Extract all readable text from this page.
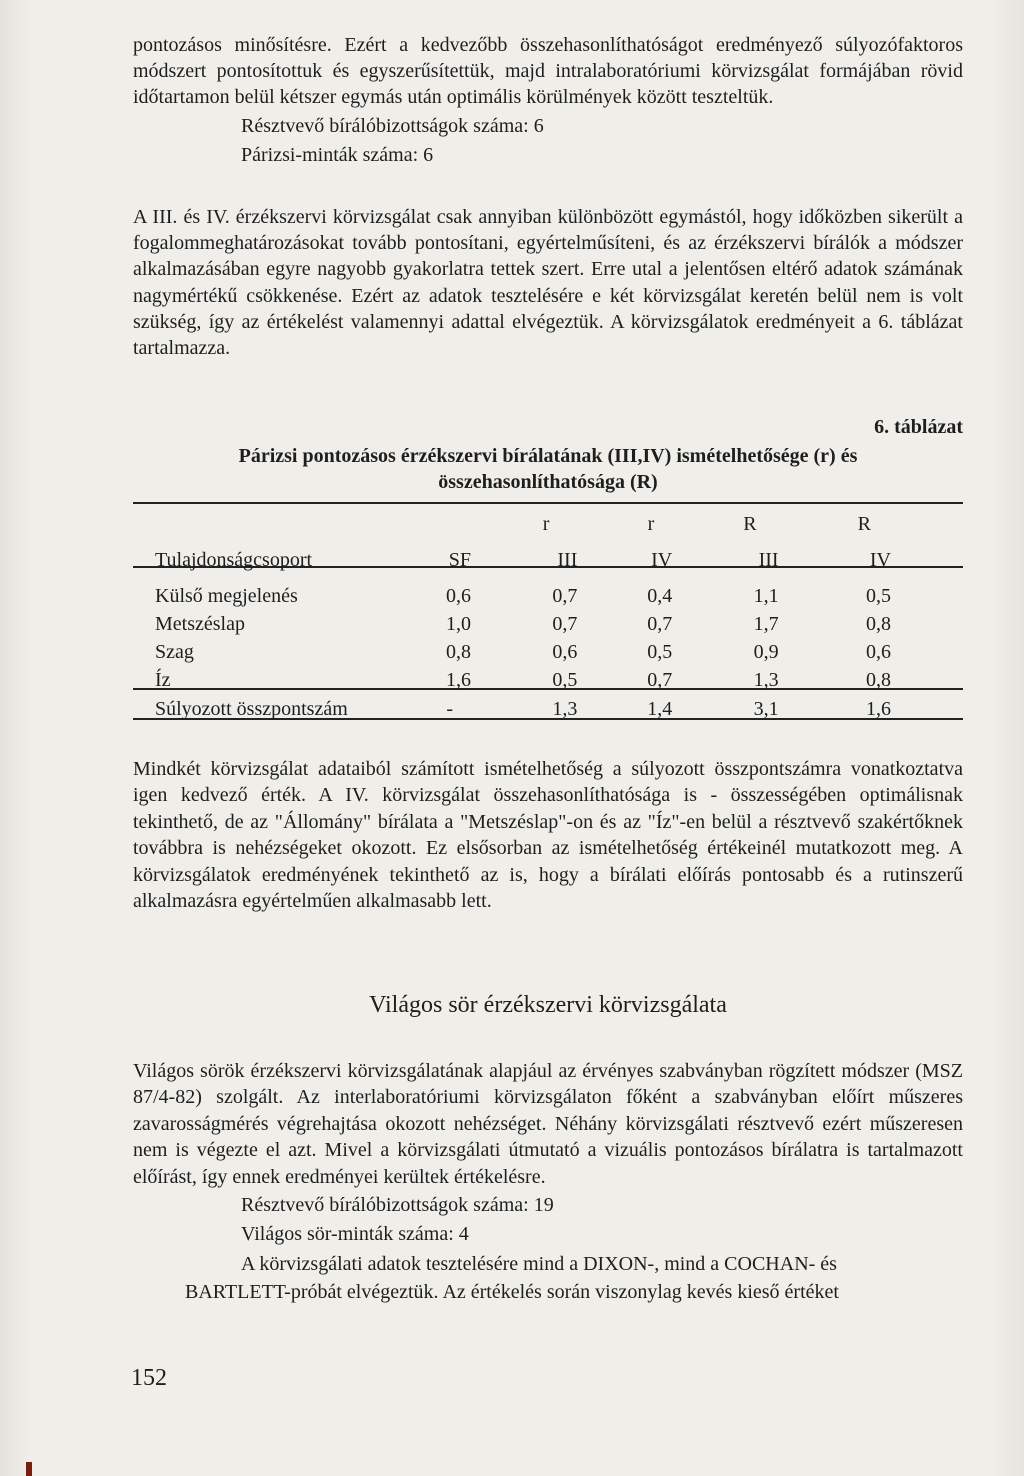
pontozásos minősítésre. Ezért a kedvezőbb összehasonlíthatóságot eredményező súlyozófaktoros módszert pontosítottuk és egyszerűsítettük, majd intralaboratóriumi körvizsgálat formájában rövid időtartamon belül kétszer egymás után optimális körülmények között teszteltük.

Résztvevő bírálóbizottságok száma: 6

Párizsi-minták száma: 6

A III. és IV. érzékszervi körvizsgálat csak annyiban különbözött egymástól, hogy időközben sikerült a fogalommeghatározásokat tovább pontosítani, egyértelműsíteni, és az érzékszervi bírálók a módszer alkalmazásában egyre nagyobb gyakorlatra tettek szert. Erre utal a jelentősen eltérő adatok számának nagymértékű csökkenése. Ezért az adatok tesztelésére e két körvizsgálat keretén belül nem is volt szükség, így az értékelést valamennyi adattal elvégeztük. A körvizsgálatok eredményeit a 6. táblázat tartalmazza.

6. táblázat
Párizsi pontozásos érzékszervi bírálatának (III,IV) ismételhetősége (r) és
összehasonlíthatósága (R)
		r	r	R	R
Tulajdonságcsoport	SF	III	IV	III	IV
Külső megjelenés	0,6	0,7	0,4	1,1	0,5
Metszéslap	1,0	0,7	0,7	1,7	0,8
Szag	0,8	0,6	0,5	0,9	0,6
Íz	1,6	0,5	0,7	1,3	0,8
Súlyozott összpontszám	-	1,3	1,4	3,1	1,6

Mindkét körvizsgálat adataiból számított ismételhetőség a súlyozott összpontszámra vonatkoztatva igen kedvező érték. A IV. körvizsgálat összehasonlíthatósága is - összességében optimálisnak tekinthető, de az "Állomány" bírálata a "Metszéslap"-on és az "Íz"-en belül a résztvevő szakértőknek továbbra is nehézségeket okozott. Ez elsősorban az ismételhetőség értékeinél mutatkozott meg. A körvizsgálatok eredményének tekinthető az is, hogy a bírálati előírás pontosabb és a rutinszerű alkalmazásra egyértelműen alkalmasabb lett.

Világos sör érzékszervi körvizsgálata

Világos sörök érzékszervi körvizsgálatának alapjául az érvényes szabványban rögzített módszer (MSZ 87/4-82) szolgált. Az interlaboratóriumi körvizsgálaton főként a szabványban előírt műszeres zavarosságmérés végrehajtása okozott nehézséget. Néhány körvizsgálati résztvevő ezért műszeresen nem is végezte el azt. Mivel a körvizsgálati útmutató a vizuális pontozásos bírálatra is tartalmazott előírást, így ennek eredményei kerültek értékelésre.

Résztvevő bírálóbizottságok száma: 19

Világos sör-minták száma: 4

A körvizsgálati adatok tesztelésére mind a DIXON-, mind a COCHAN- és

BARTLETT-próbát elvégeztük. Az értékelés során viszonylag kevés kieső értéket

152
